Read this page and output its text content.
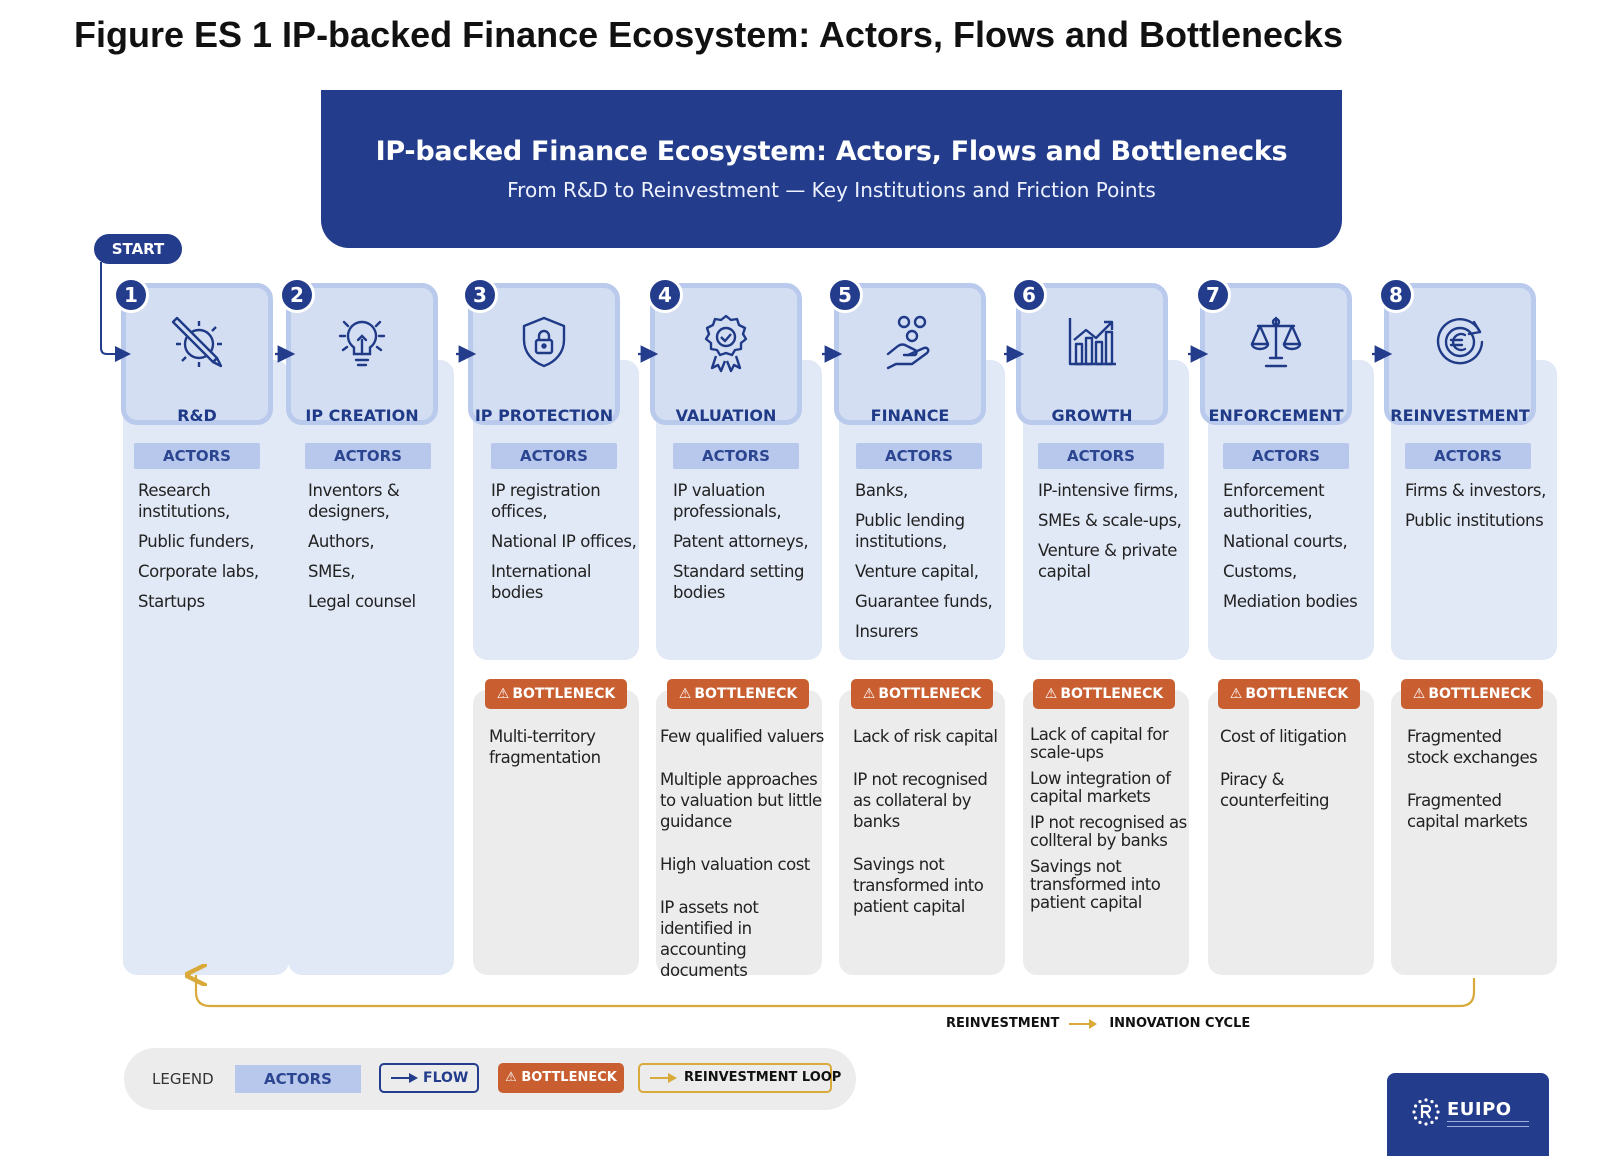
Figure ES 1 IP-backed Finance Ecosystem: Actors, Flows and Bottlenecks
IP-backed Finance Ecosystem: Actors, Flows and Bottlenecks
From R&D to Reinvestment — Key Institutions and Friction Points
R&D	IP CREATION	IP PROTECTION	VALUATION	FINANCE	GROWTH	ENFORCEMENT	REINVESTMENT
1	2	3	4	5	6	7	8
START
ACTORS	ACTORS	ACTORS	ACTORS	ACTORS	ACTORS	ACTORS	ACTORS
Research institutions,
Public funders,
Corporate labs,
Startups
Inventors & designers,
Authors,
SMEs,
Legal counsel
IP registration offices,
National IP offices,
International bodies
IP valuation professionals,
Patent attorneys,
Standard setting bodies
Banks,
Public lending institutions,
Venture capital,
Guarantee funds,
Insurers
IP-intensive firms,
SMEs & scale-ups,
Venture & private capital
Enforcement authorities,
National courts,
Customs,
Mediation bodies
Firms & investors,
Public institutions
⚠ BOTTLENECK	⚠ BOTTLENECK	⚠ BOTTLENECK	⚠ BOTTLENECK	⚠ BOTTLENECK	⚠ BOTTLENECK
Multi-territory fragmentation
Few qualified valuers
Multiple approaches to valuation but little guidance
High valuation cost
IP assets not identified in accounting documents
Lack of risk capital
IP not recognised as collateral by banks
Savings not transformed into patient capital
Lack of capital for scale-ups
Low integration of capital markets
IP not recognised as collteral by banks
Savings not transformed into patient capital
Cost of litigation
Piracy & counterfeiting
Fragmented stock exchanges
Fragmented capital markets
REINVESTMENT	INNOVATION CYCLE
LEGEND	ACTORS	FLOW	⚠ BOTTLENECK	REINVESTMENT LOOP
EUIPO
